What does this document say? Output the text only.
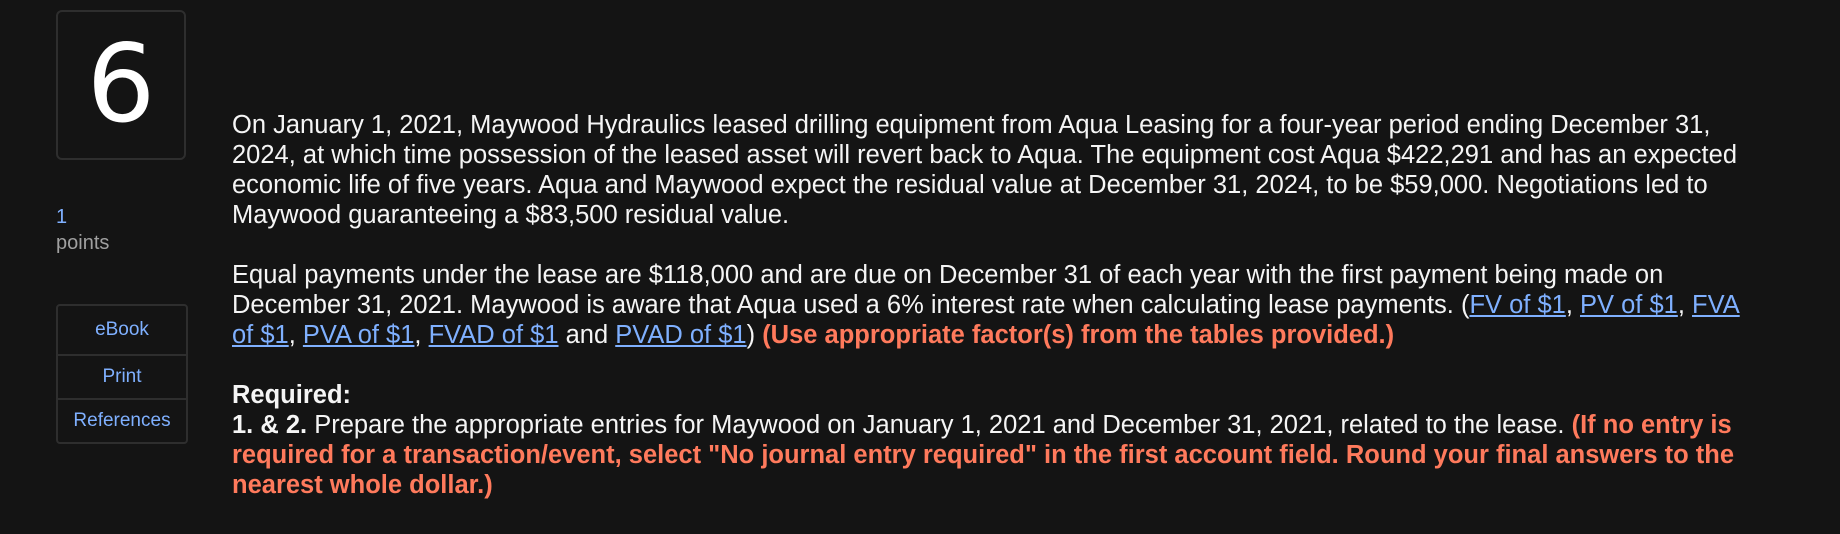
6
1
points
eBook
Print
References

On January 1, 2021, Maywood Hydraulics leased drilling equipment from Aqua Leasing for a four-year period ending December 31, 2024, at which time possession of the leased asset will revert back to Aqua. The equipment cost Aqua $422,291 and has an expected economic life of five years. Aqua and Maywood expect the residual value at December 31, 2024, to be $59,000. Negotiations led to Maywood guaranteeing a $83,500 residual value.

Equal payments under the lease are $118,000 and are due on December 31 of each year with the first payment being made on December 31, 2021. Maywood is aware that Aqua used a 6% interest rate when calculating lease payments. (FV of $1, PV of $1, FVA of $1, PVA of $1, FVAD of $1 and PVAD of $1) (Use appropriate factor(s) from the tables provided.)

Required:
1. & 2. Prepare the appropriate entries for Maywood on January 1, 2021 and December 31, 2021, related to the lease. (If no entry is required for a transaction/event, select "No journal entry required" in the first account field. Round your final answers to the nearest whole dollar.)
